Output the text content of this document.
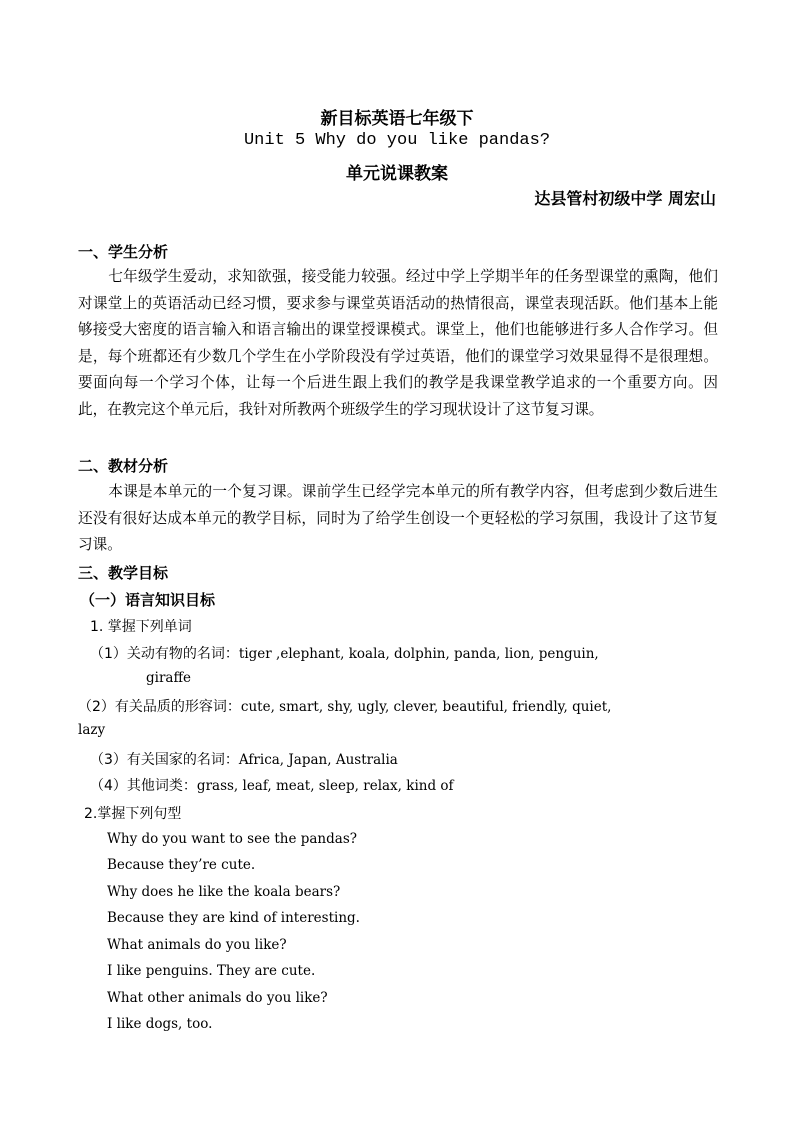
新目标英语七年级下
Unit 5 Why do you like pandas?
单元说课教案
达县管村初级中学 周宏山
一、学生分析
七年级学生爱动，求知欲强，接受能力较强。经过中学上学期半年的任务型课堂的熏陶，他们对课堂上的英语活动已经习惯，要求参与课堂英语活动的热情很高，课堂表现活跃。他们基本上能够接受大密度的语言输入和语言输出的课堂授课模式。课堂上，他们也能够进行多人合作学习。但是，每个班都还有少数几个学生在小学阶段没有学过英语，他们的课堂学习效果显得不是很理想。要面向每一个学习个体，让每一个后进生跟上我们的教学是我课堂教学追求的一个重要方向。因此，在教完这个单元后，我针对所教两个班级学生的学习现状设计了这节复习课。
二、教材分析
本课是本单元的一个复习课。课前学生已经学完本单元的所有教学内容，但考虑到少数后进生还没有很好达成本单元的教学目标，同时为了给学生创设一个更轻松的学习氛围，我设计了这节复习课。
三、教学目标
（一）语言知识目标
1. 掌握下列单词
（1）关动有物的名词：tiger ,elephant, koala, dolphin, panda, lion, penguin,
giraffe
（2）有关品质的形容词：cute, smart, shy, ugly, clever, beautiful, friendly, quiet,
lazy
（3）有关国家的名词：Africa, Japan, Australia
（4）其他词类：grass, leaf, meat, sleep, relax, kind of
2.掌握下列句型
Why do you want to see the pandas?
Because they’re cute.
Why does he like the koala bears?
Because they are kind of interesting.
What animals do you like?
I like penguins. They are cute.
What other animals do you like?
I like dogs, too.
